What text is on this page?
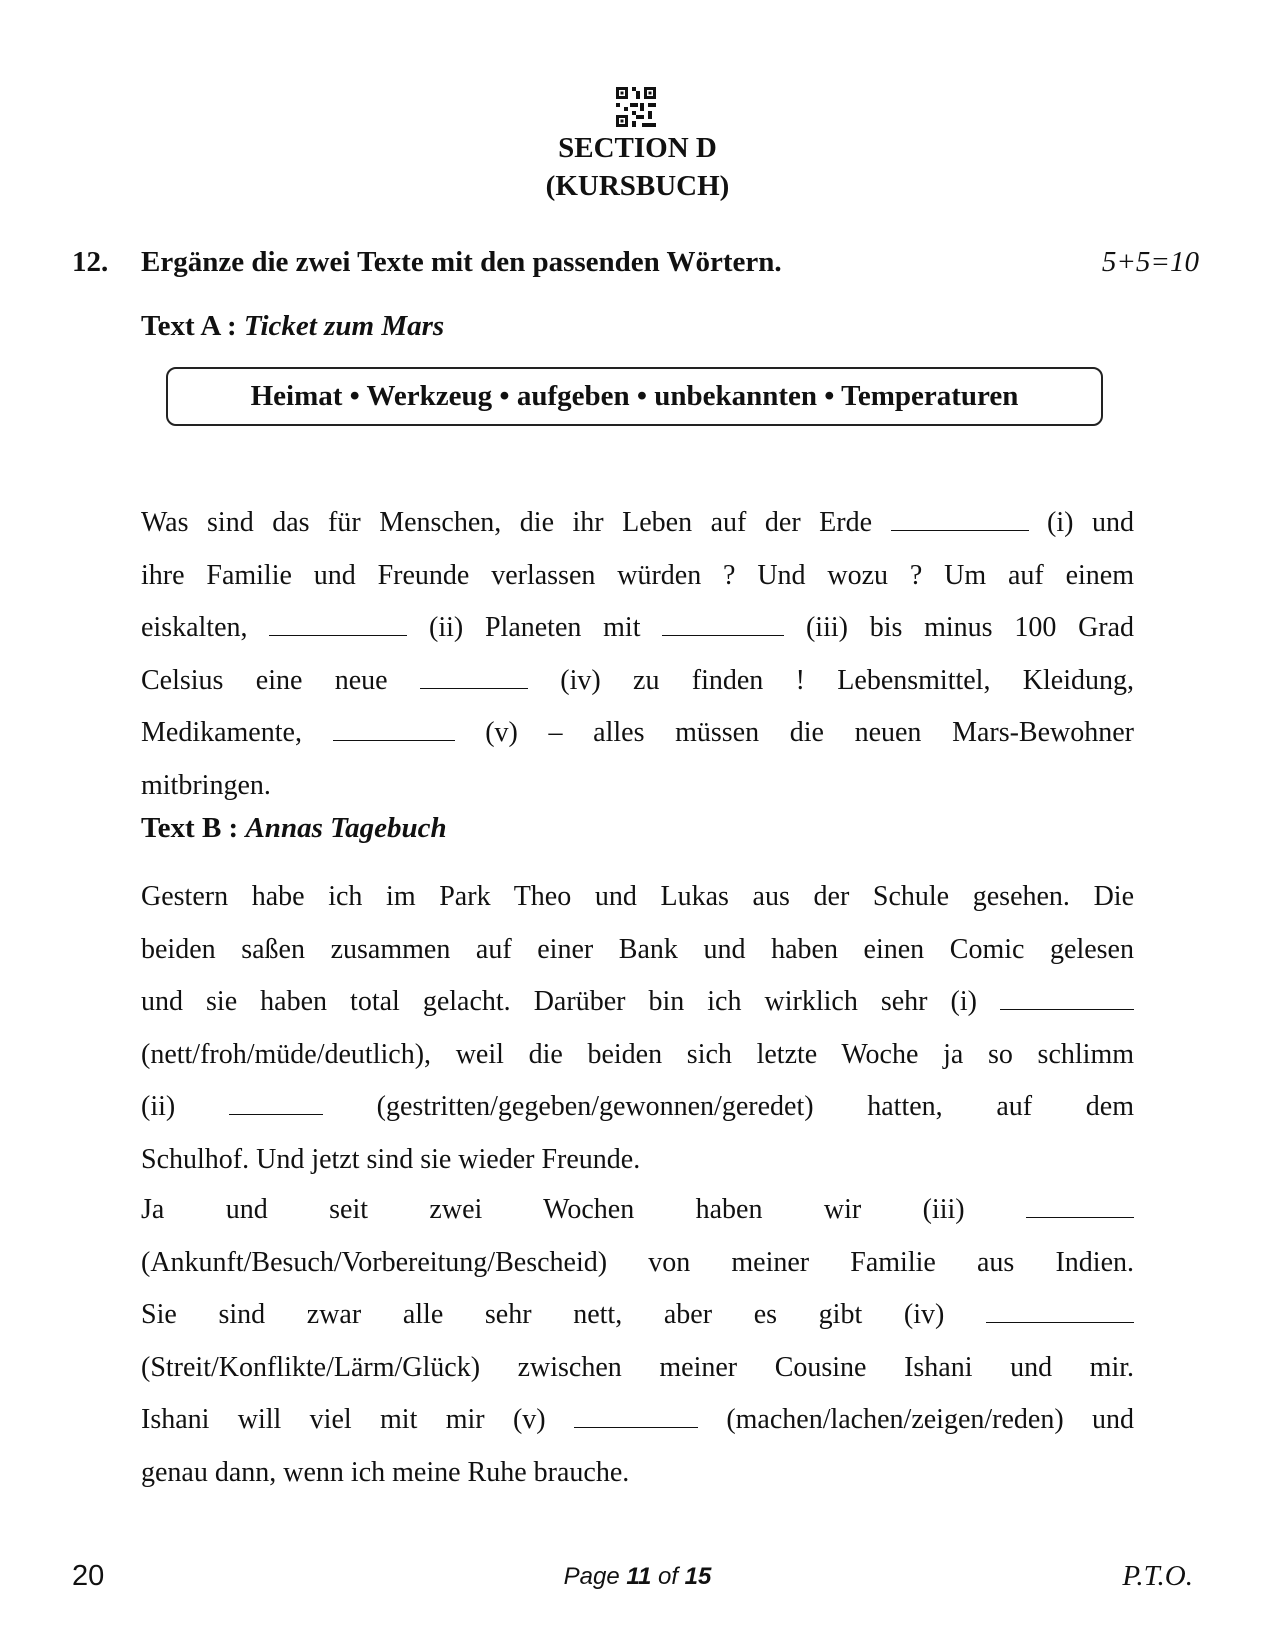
SECTION D
(KURSBUCH)
12. Ergänze die zwei Texte mit den passenden Wörtern.	5+5=10
Text A : Ticket zum Mars
Heimat • Werkzeug • aufgeben • unbekannten • Temperaturen
Was sind das für Menschen, die ihr Leben auf der Erde	(i) und
ihre Familie und Freunde verlassen würden ? Und wozu ? Um auf einem
eiskalten,	(ii) Planeten mit	(iii) bis minus 100 Grad
Celsius eine neue	(iv) zu finden ! Lebensmittel, Kleidung,
Medikamente,	(v) – alles müssen die neuen Mars-Bewohner
mitbringen.
Text B : Annas Tagebuch
Gestern habe ich im Park Theo und Lukas aus der Schule gesehen. Die
beiden saßen zusammen auf einer Bank und haben einen Comic gelesen
und sie haben total gelacht. Darüber bin ich wirklich sehr (i)
(nett/froh/müde/deutlich), weil die beiden sich letzte Woche ja so schlimm
(ii)	(gestritten/gegeben/gewonnen/geredet) hatten, auf dem
Schulhof. Und jetzt sind sie wieder Freunde.
Ja und seit zwei Wochen haben wir (iii)
(Ankunft/Besuch/Vorbereitung/Bescheid) von meiner Familie aus Indien.
Sie sind zwar alle sehr nett, aber es gibt (iv)
(Streit/Konflikte/Lärm/Glück) zwischen meiner Cousine Ishani und mir.
Ishani will viel mit mir (v)	(machen/lachen/zeigen/reden) und
genau dann, wenn ich meine Ruhe brauche.
20	Page 11 of 15	P.T.O.
